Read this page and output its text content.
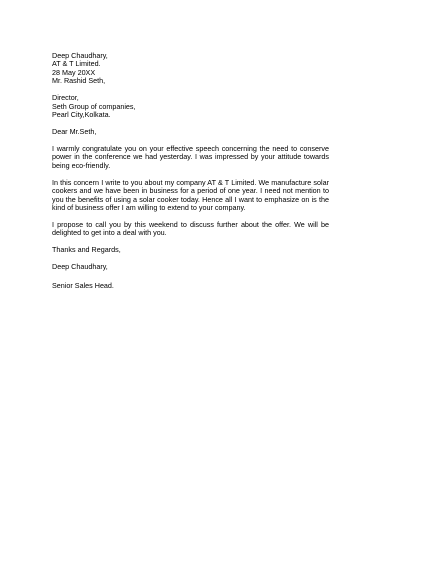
Deep Chaudhary,
AT & T Limited.
28 May 20XX
Mr. Rashid Seth,
Director,
Seth Group of companies,
Pearl City,Kolkata.
Dear Mr.Seth,

I warmly congratulate you on your effective speech concerning the need to conserve power in the conference we had yesterday. I was impressed by your attitude towards being eco-friendly.

In this concern I write to you about my company AT & T Limited. We manufacture solar cookers and we have been in business for a period of one year. I need not mention to you the benefits of using a solar cooker today. Hence all I want to emphasize on is the kind of business offer I am willing to extend to your company.

I propose to call you by this weekend to discuss further about the offer. We will be delighted to get into a deal with you.

Thanks and Regards,
Deep Chaudhary,
Senior Sales Head.
